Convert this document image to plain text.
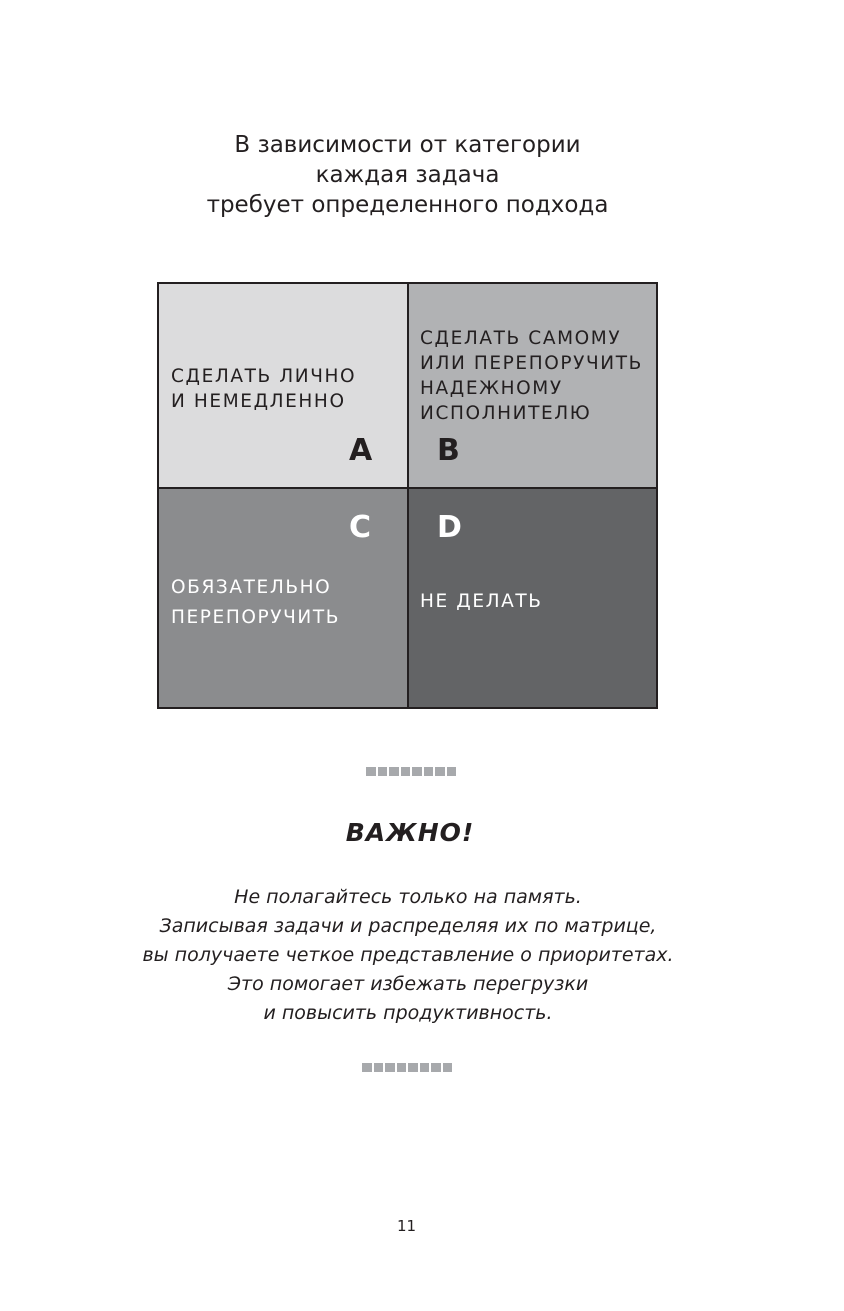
В зависимости от категории
каждая задача
требует определенного подхода
СДЕЛАТЬ ЛИЧНО
И НЕМЕДЛЕННО
A
СДЕЛАТЬ САМОМУ
ИЛИ ПЕРЕПОРУЧИТЬ
НАДЕЖНОМУ
ИСПОЛНИТЕЛЮ
B
C
ОБЯЗАТЕЛЬНО
ПЕРЕПОРУЧИТЬ
D
НЕ ДЕЛАТЬ
ВАЖНО!
Не полагайтесь только на память.
Записывая задачи и распределяя их по матрице,
вы получаете четкое представление о приоритетах.
Это помогает избежать перегрузки
и повысить продуктивность.
11
